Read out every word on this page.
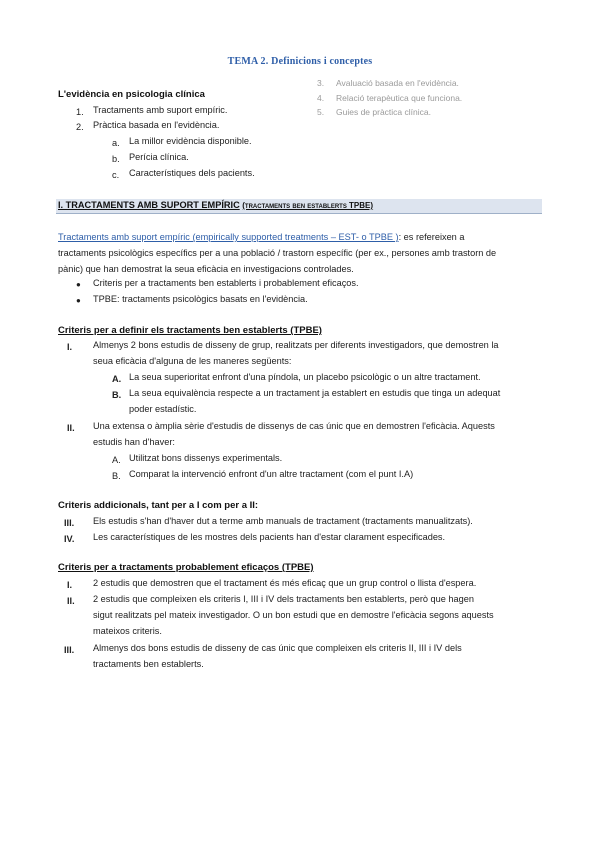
TEMA 2. Definicions i conceptes
L'evidència en psicologia clínica
1. Tractaments amb suport empíric.
2. Pràctica basada en l'evidència.
a. La millor evidència disponible.
b. Perícia clínica.
c. Característiques dels pacients.
3. Avaluació basada en l'evidència.
4. Relació terapèutica que funciona.
5. Guies de pràctica clínica.
I. TRACTAMENTS AMB SUPORT EMPÍRIC (tractaments ben establerts TPBE)
Tractaments amb suport empíric (empirically supported treatments – EST- o TPBE ): es refereixen a
tractaments psicològics específics per a una població / trastorn específic (per ex., persones amb trastorn de
pànic) que han demostrat la seua eficàcia en investigacions controlades.
● Criteris per a tractaments ben establerts i probablement eficaços.
● TPBE: tractaments psicològics basats en l'evidència.
Criteris per a definir els tractaments ben establerts (TPBE)
I. Almenys 2 bons estudis de disseny de grup, realitzats per diferents investigadors, que demostren la
seua eficàcia d'alguna de les maneres següents:
A. La seua superioritat enfront d'una píndola, un placebo psicològic o un altre tractament.
B. La seua equivalència respecte a un tractament ja establert en estudis que tinga un adequat
poder estadístic.
II. Una extensa o àmplia sèrie d'estudis de dissenys de cas únic que en demostren l'eficàcia. Aquests
estudis han d'haver:
A. Utilitzat bons dissenys experimentals.
B. Comparat la intervenció enfront d'un altre tractament (com el punt I.A)
Criteris addicionals, tant per a I com per a II:
III. Els estudis s'han d'haver dut a terme amb manuals de tractament (tractaments manualitzats).
IV. Les característiques de les mostres dels pacients han d'estar clarament especificades.
Criteris per a tractaments probablement eficaços (TPBE)
I. 2 estudis que demostren que el tractament és més eficaç que un grup control o llista d'espera.
II. 2 estudis que compleixen els criteris I, III i IV dels tractaments ben establerts, però que hagen
sigut realitzats pel mateix investigador. O un bon estudi que en demostre l'eficàcia segons aquests
mateixos criteris.
III. Almenys dos bons estudis de disseny de cas únic que compleixen els criteris II, III i IV dels
tractaments ben establerts.
